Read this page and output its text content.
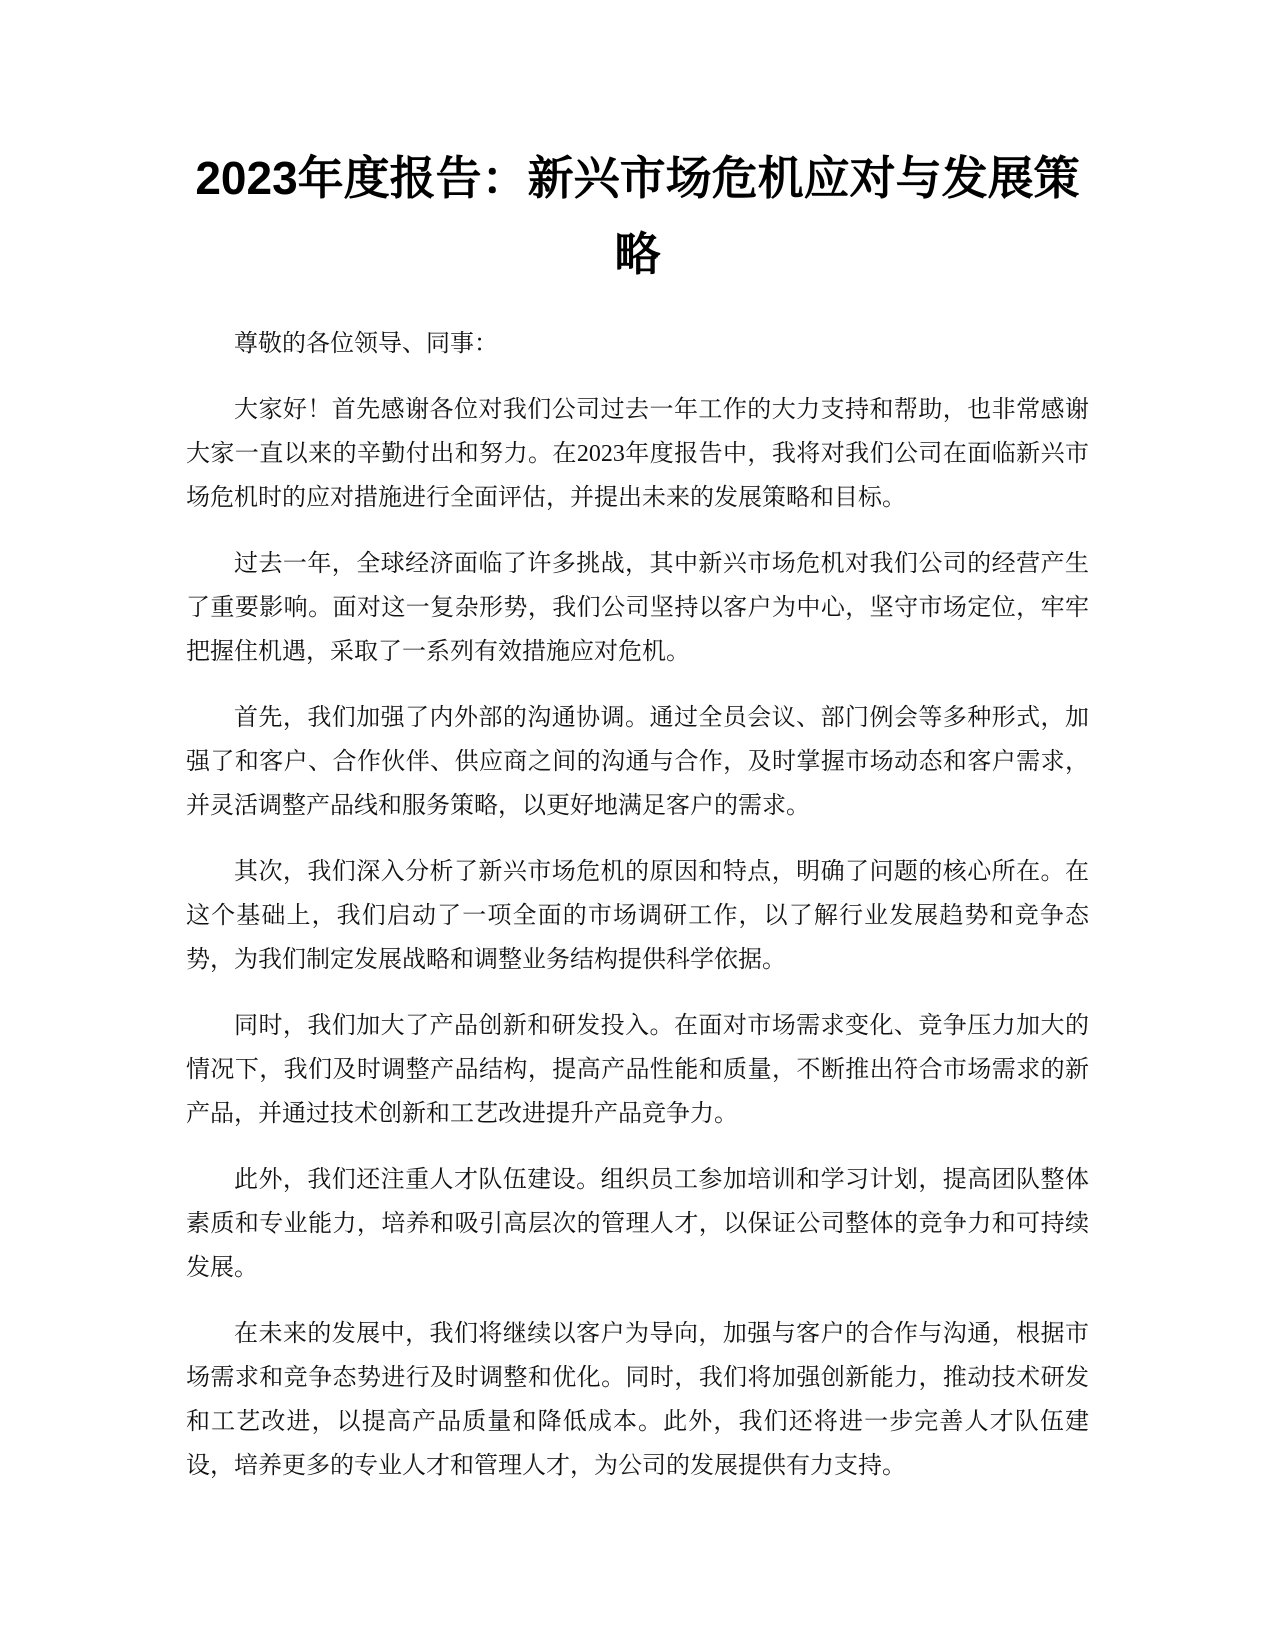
2023年度报告：新兴市场危机应对与发展策略

尊敬的各位领导、同事：

大家好！首先感谢各位对我们公司过去一年工作的大力支持和帮助，也非常感谢大家一直以来的辛勤付出和努力。在2023年度报告中，我将对我们公司在面临新兴市场危机时的应对措施进行全面评估，并提出未来的发展策略和目标。

过去一年，全球经济面临了许多挑战，其中新兴市场危机对我们公司的经营产生了重要影响。面对这一复杂形势，我们公司坚持以客户为中心，坚守市场定位，牢牢把握住机遇，采取了一系列有效措施应对危机。

首先，我们加强了内外部的沟通协调。通过全员会议、部门例会等多种形式，加强了和客户、合作伙伴、供应商之间的沟通与合作，及时掌握市场动态和客户需求，并灵活调整产品线和服务策略，以更好地满足客户的需求。

其次，我们深入分析了新兴市场危机的原因和特点，明确了问题的核心所在。在这个基础上，我们启动了一项全面的市场调研工作，以了解行业发展趋势和竞争态势，为我们制定发展战略和调整业务结构提供科学依据。

同时，我们加大了产品创新和研发投入。在面对市场需求变化、竞争压力加大的情况下，我们及时调整产品结构，提高产品性能和质量，不断推出符合市场需求的新产品，并通过技术创新和工艺改进提升产品竞争力。

此外，我们还注重人才队伍建设。组织员工参加培训和学习计划，提高团队整体素质和专业能力，培养和吸引高层次的管理人才，以保证公司整体的竞争力和可持续发展。

在未来的发展中，我们将继续以客户为导向，加强与客户的合作与沟通，根据市场需求和竞争态势进行及时调整和优化。同时，我们将加强创新能力，推动技术研发和工艺改进，以提高产品质量和降低成本。此外，我们还将进一步完善人才队伍建设，培养更多的专业人才和管理人才，为公司的发展提供有力支持。
